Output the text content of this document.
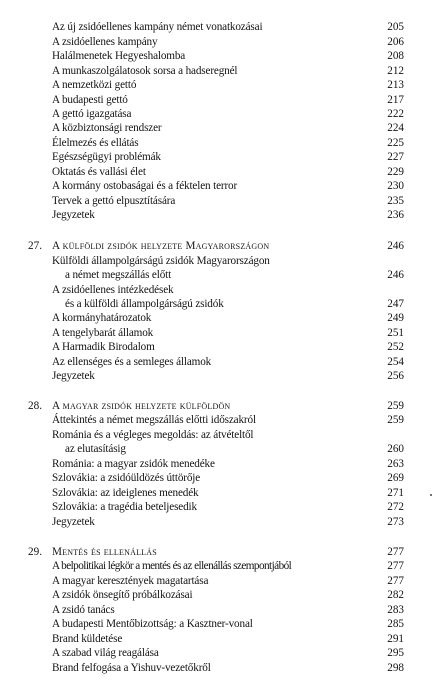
Az új zsidóellenes kampány német vonatkozásai	205
A zsidóellenes kampány	206
Halálmenetek Hegyeshalomba	208
A munkaszolgálatosok sorsa a hadseregnél	212
A nemzetközi gettó	213
A budapesti gettó	217
A gettó igazgatása	222
A közbiztonsági rendszer	224
Élelmezés és ellátás	225
Egészségügyi problémák	227
Oktatás és vallási élet	229
A kormány ostobaságai és a féktelen terror	230
Tervek a gettó elpusztítására	235
Jegyzetek	236
27. A külföldi zsidók helyzete Magyarországon	246
Külföldi állampolgárságú zsidók Magyarországon
a német megszállás előtt	246
A zsidóellenes intézkedések
és a külföldi állampolgárságú zsidók	247
A kormányhatározatok	249
A tengelybarát államok	251
A Harmadik Birodalom	252
Az ellenséges és a semleges államok	254
Jegyzetek	256
28. A magyar zsidók helyzete külföldön	259
Áttekintés a német megszállás előtti időszakról	259
Románia és a végleges megoldás: az átvételtől
az elutasításig	260
Románia: a magyar zsidók menedéke	263
Szlovákia: a zsidóüldözés úttörője	269
Szlovákia: az ideiglenes menedék	271
Szlovákia: a tragédia beteljesedik	272
Jegyzetek	273
29. Mentés és ellenállás	277
A belpolitikai légkör a mentés és az ellenállás szempontjából	277
A magyar keresztények magatartása	277
A zsidók önsegítő próbálkozásai	282
A zsidó tanács	283
A budapesti Mentőbizottság: a Kasztner-vonal	285
Brand küldetése	291
A szabad világ reagálása	295
Brand felfogása a Yishuv-vezetőkről	298
